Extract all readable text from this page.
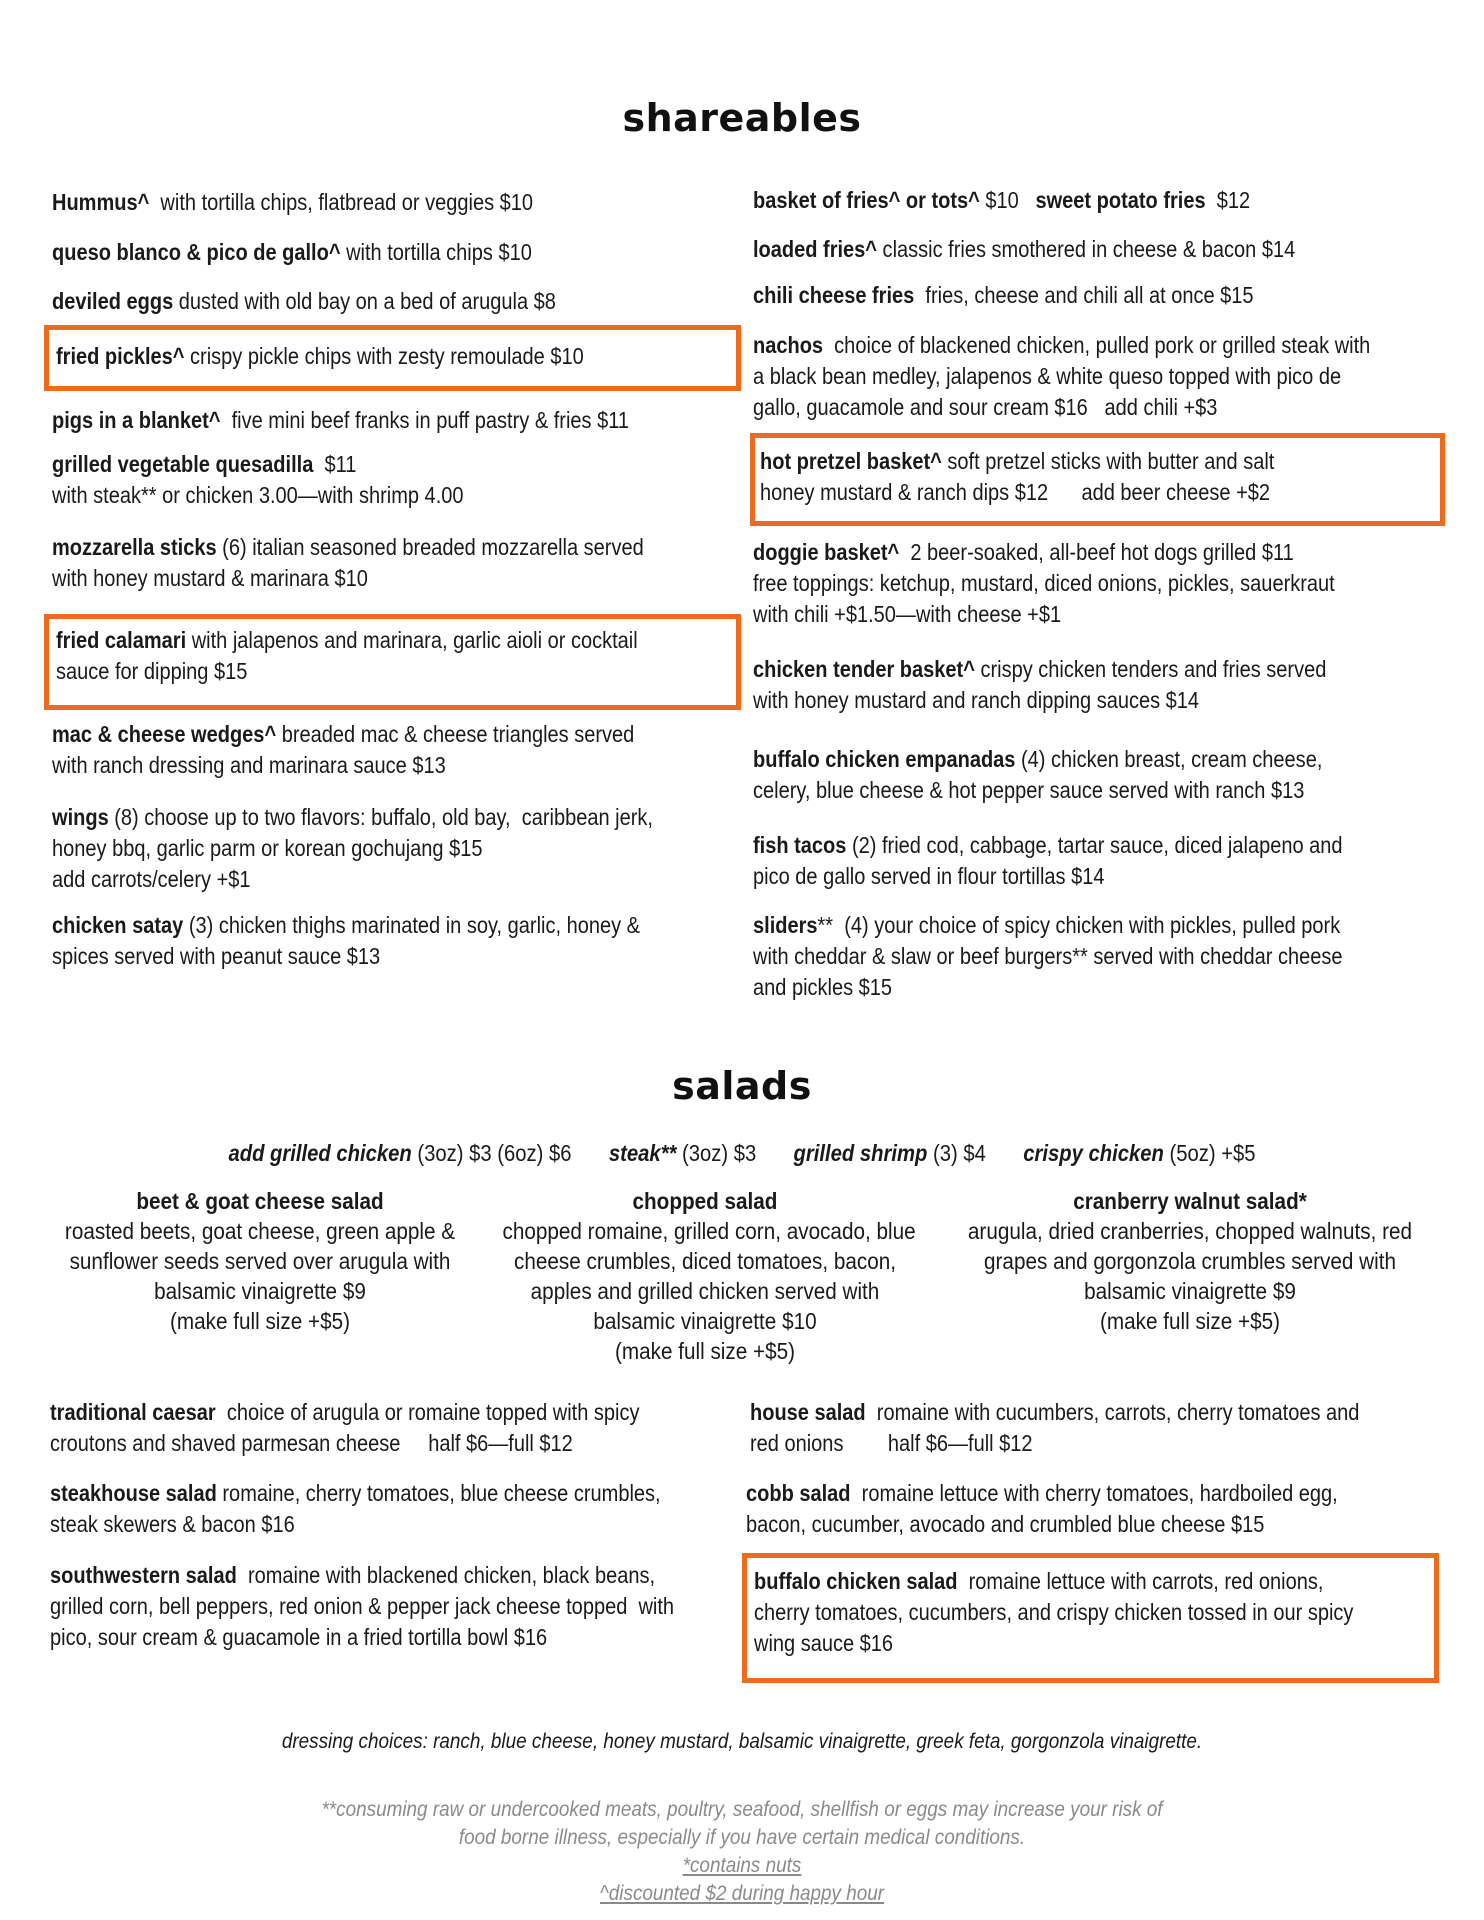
shareables
Hummus^  with tortilla chips, flatbread or veggies $10
queso blanco & pico de gallo^ with tortilla chips $10
deviled eggs dusted with old bay on a bed of arugula $8
fried pickles^ crispy pickle chips with zesty remoulade $10
pigs in a blanket^  five mini beef franks in puff pastry & fries $11
grilled vegetable quesadilla  $11
with steak** or chicken 3.00—with shrimp 4.00
mozzarella sticks (6) italian seasoned breaded mozzarella served
with honey mustard & marinara $10
fried calamari with jalapenos and marinara, garlic aioli or cocktail
sauce for dipping $15
mac & cheese wedges^ breaded mac & cheese triangles served
with ranch dressing and marinara sauce $13
wings (8) choose up to two flavors: buffalo, old bay,  caribbean jerk,
honey bbq, garlic parm or korean gochujang $15
add carrots/celery +$1
chicken satay (3) chicken thighs marinated in soy, garlic, honey &
spices served with peanut sauce $13
basket of fries^ or tots^ $10   sweet potato fries  $12
loaded fries^ classic fries smothered in cheese & bacon $14
chili cheese fries  fries, cheese and chili all at once $15
nachos  choice of blackened chicken, pulled pork or grilled steak with
a black bean medley, jalapenos & white queso topped with pico de
gallo, guacamole and sour cream $16   add chili +$3
hot pretzel basket^ soft pretzel sticks with butter and salt
honey mustard & ranch dips $12      add beer cheese +$2
doggie basket^  2 beer-soaked, all-beef hot dogs grilled $11
free toppings: ketchup, mustard, diced onions, pickles, sauerkraut
with chili +$1.50—with cheese +$1
chicken tender basket^ crispy chicken tenders and fries served
with honey mustard and ranch dipping sauces $14
buffalo chicken empanadas (4) chicken breast, cream cheese,
celery, blue cheese & hot pepper sauce served with ranch $13
fish tacos (2) fried cod, cabbage, tartar sauce, diced jalapeno and
pico de gallo served in flour tortillas $14
sliders**  (4) your choice of spicy chicken with pickles, pulled pork
with cheddar & slaw or beef burgers** served with cheddar cheese
and pickles $15
salads
add grilled chicken (3oz) $3 (6oz) $6 steak** (3oz) $3 grilled shrimp (3) $4 crispy chicken (5oz) +$5
beet & goat cheese salad
roasted beets, goat cheese, green apple &
sunflower seeds served over arugula with
balsamic vinaigrette $9
(make full size +$5)
chopped salad
chopped romaine, grilled corn, avocado, blue
cheese crumbles, diced tomatoes, bacon,
apples and grilled chicken served with
balsamic vinaigrette $10
(make full size +$5)
cranberry walnut salad*
arugula, dried cranberries, chopped walnuts, red
grapes and gorgonzola crumbles served with
balsamic vinaigrette $9
(make full size +$5)
traditional caesar  choice of arugula or romaine topped with spicy
croutons and shaved parmesan cheese     half $6—full $12
steakhouse salad romaine, cherry tomatoes, blue cheese crumbles,
steak skewers & bacon $16
southwestern salad  romaine with blackened chicken, black beans,
grilled corn, bell peppers, red onion & pepper jack cheese topped  with
pico, sour cream & guacamole in a fried tortilla bowl $16
house salad  romaine with cucumbers, carrots, cherry tomatoes and
red onions        half $6—full $12
cobb salad  romaine lettuce with cherry tomatoes, hardboiled egg,
bacon, cucumber, avocado and crumbled blue cheese $15
buffalo chicken salad  romaine lettuce with carrots, red onions,
cherry tomatoes, cucumbers, and crispy chicken tossed in our spicy
wing sauce $16
dressing choices: ranch, blue cheese, honey mustard, balsamic vinaigrette, greek feta, gorgonzola vinaigrette.
**consuming raw or undercooked meats, poultry, seafood, shellfish or eggs may increase your risk of
food borne illness, especially if you have certain medical conditions.
*contains nuts
^discounted $2 during happy hour
